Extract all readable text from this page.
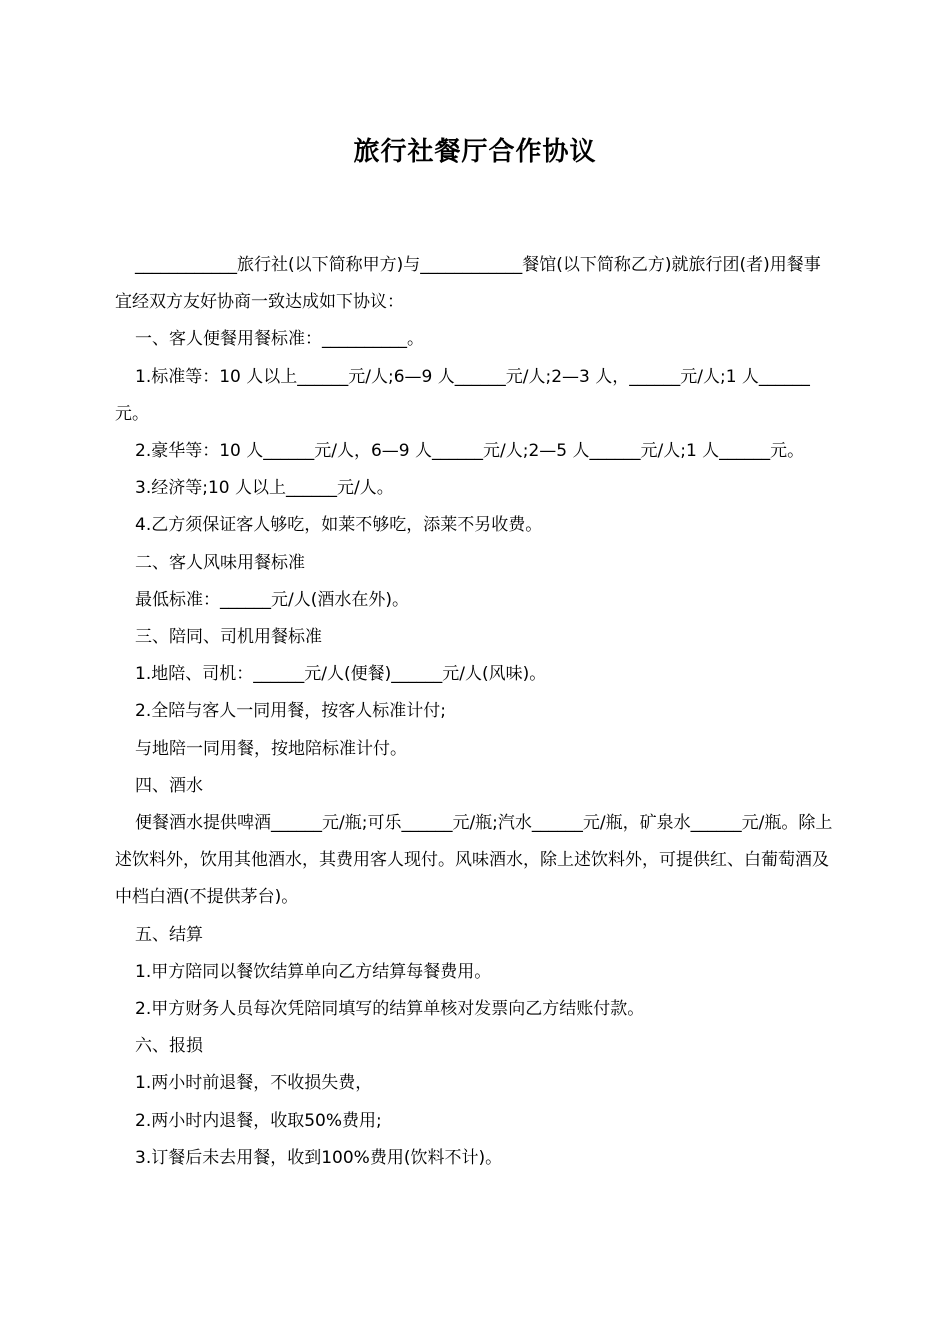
旅行社餐厅合作协议

____________旅行社(以下简称甲方)与____________餐馆(以下简称乙方)就旅行团(者)用餐事宜经双方友好协商一致达成如下协议：

一、客人便餐用餐标准：__________。

1.标准等：10 人以上______元/人;6—9 人______元/人;2—3 人，______元/人;1 人______元。

2.豪华等：10 人______元/人，6—9 人______元/人;2—5 人______元/人;1 人______元。

3.经济等;10 人以上______元/人。

4.乙方须保证客人够吃，如莱不够吃，添莱不另收费。

二、客人风味用餐标准

最低标准：______元/人(酒水在外)。

三、陪同、司机用餐标准

1.地陪、司机：______元/人(便餐)______元/人(风味)。

2.全陪与客人一同用餐，按客人标准计付;

与地陪一同用餐，按地陪标准计付。

四、酒水

便餐酒水提供啤酒______元/瓶;可乐______元/瓶;汽水______元/瓶，矿泉水______元/瓶。除上述饮料外，饮用其他酒水，其费用客人现付。风味酒水，除上述饮料外，可提供红、白葡萄酒及中档白酒(不提供茅台)。

五、结算

1.甲方陪同以餐饮结算单向乙方结算每餐费用。

2.甲方财务人员每次凭陪同填写的结算单核对发票向乙方结账付款。

六、报损

1.两小时前退餐，不收损失费，

2.两小时内退餐，收取50%费用;

3.订餐后未去用餐，收到100%费用(饮料不计)。
